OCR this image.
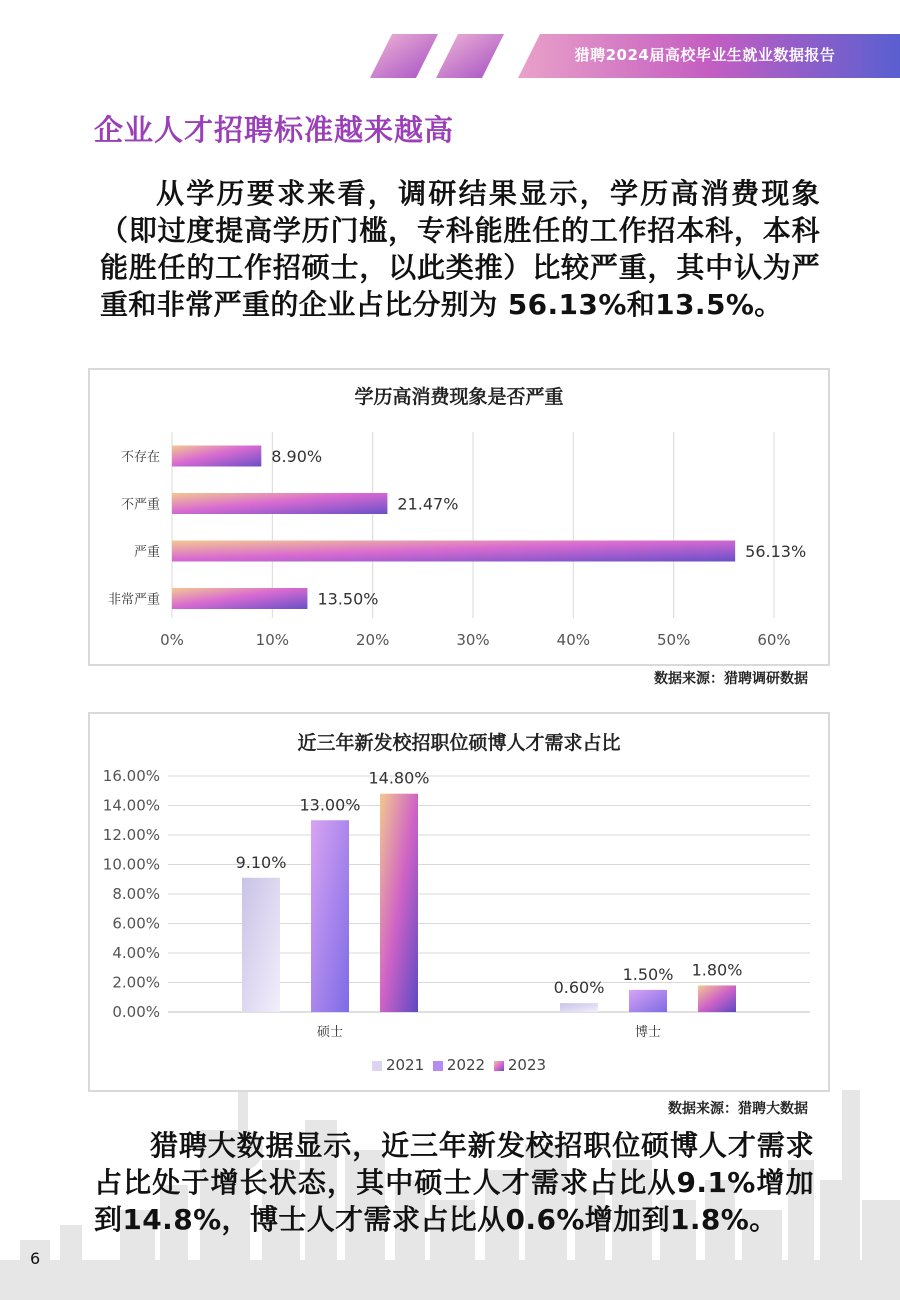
猎聘2024届高校毕业生就业数据报告
企业人才招聘标准越来越高
从学历要求来看，调研结果显示，学历高消费现象（即过度提高学历门槛，专科能胜任的工作招本科，本科能胜任的工作招硕士，以此类推）比较严重，其中认为严重和非常严重的企业占比分别为 56.13%和13.5%。
学历高消费现象是否严重
0%	10%	20%	30%	40%	50%	60%
不存在	8.90%
不严重	21.47%
严重	56.13%
非常严重	13.50%
数据来源：猎聘调研数据
近三年新发校招职位硕博人才需求占比
0.00%
2.00%
4.00%
6.00%
8.00%
10.00%
12.00%
14.00%
16.00%
硕士
9.10%
13.00%
14.80%
博士
0.60%
1.50% 1.80%
2021 2022 2023
数据来源：猎聘大数据
猎聘大数据显示，近三年新发校招职位硕博人才需求占比处于增长状态，其中硕士人才需求占比从9.1%增加到14.8%，博士人才需求占比从0.6%增加到1.8%。
6
